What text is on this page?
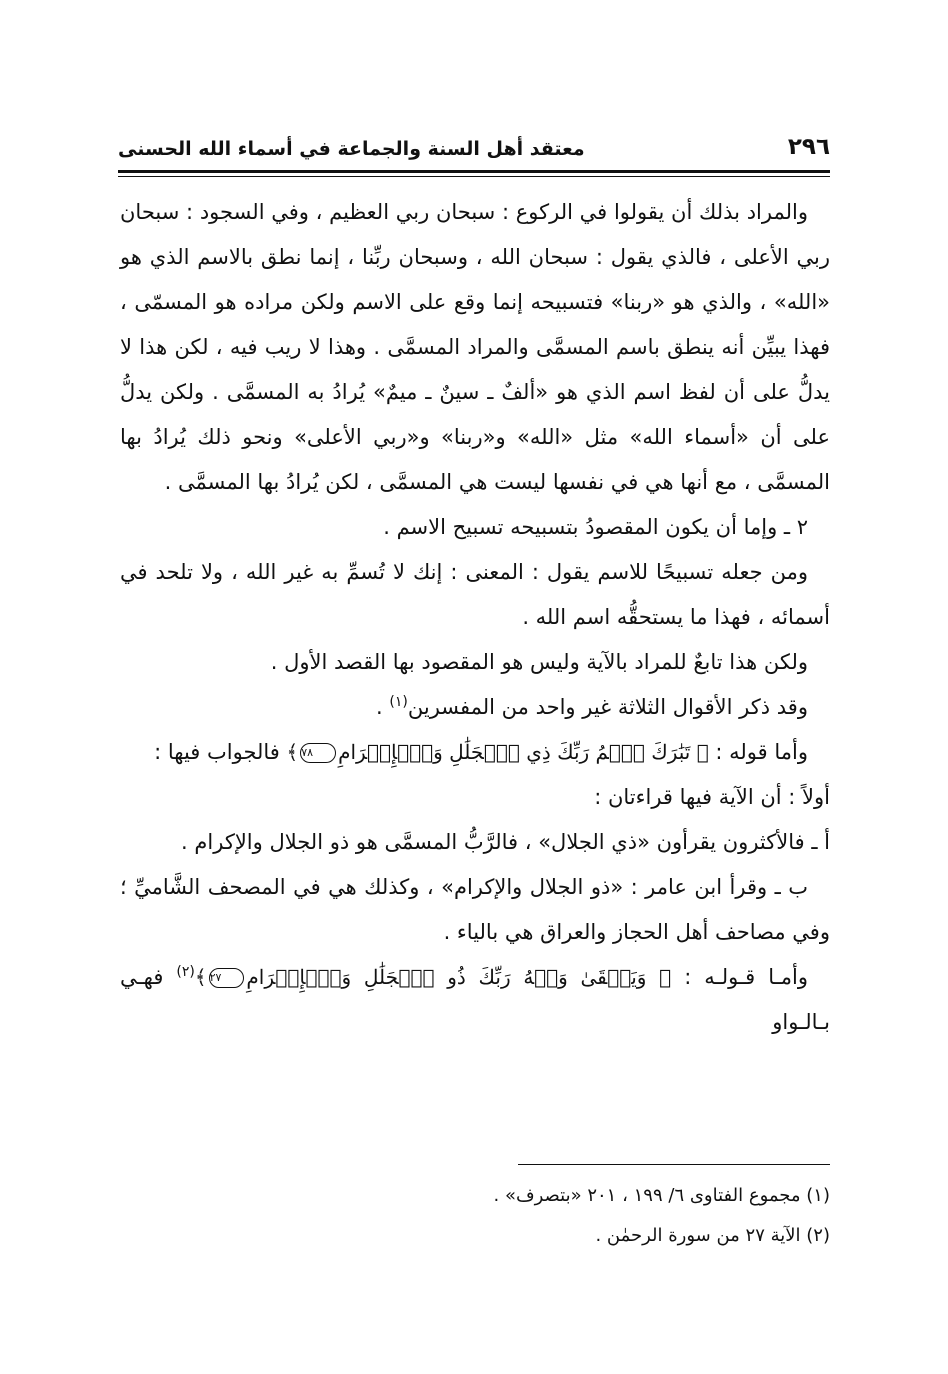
٢٩٦
معتقد أهل السنة والجماعة في أسماء الله الحسنى

والمراد بذلك أن يقولوا في الركوع : سبحان ربي العظيم ، وفي السجود : سبحان ربي الأعلى ، فالذي يقول : سبحان الله ، وسبحان ربِّنا ، إنما نطق بالاسم الذي هو «الله» ، والذي هو «ربنا» فتسبيحه إنما وقع على الاسم ولكن مراده هو المسمّى ، فهذا يبيِّن أنه ينطق باسم المسمَّى والمراد المسمَّى . وهذا لا ريب فيه ، لكن هذا لا يدلُّ على أن لفظ اسم الذي هو «ألفٌ ـ سينٌ ـ ميمٌ» يُرادُ به المسمَّى . ولكن يدلُّ على أن «أسماء الله» مثل «الله» و«ربنا» و«ربي الأعلى» ونحو ذلك يُرادُ بها المسمَّى ، مع أنها هي في نفسها ليست هي المسمَّى ، لكن يُرادُ بها المسمَّى .

٢ ـ وإما أن يكون المقصودُ بتسبيحه تسبيح الاسم .

ومن جعله تسبيحًا للاسم يقول : المعنى : إنك لا تُسمِّ به غير الله ، ولا تلحد في أسمائه ، فهذا ما يستحقُّه اسم الله .

ولكن هذا تابعٌ للمراد بالآية وليس هو المقصود بها القصد الأول .

وقد ذكر الأقوال الثلاثة غير واحد من المفسرين$^{(١)}$ .

وأما قوله : ﴿ تَبَٰرَكَ ٱسۡمُ رَبِّكَ ذِي ٱلۡجَلَٰلِ وَٱلۡإِكۡرَامِ٧٨﴾ فالجواب فيها :

أولاً : أن الآية فيها قراءتان :

أ ـ فالأكثرون يقرأون «ذي الجلال» ، فالرَّبُّ المسمَّى هو ذو الجلال والإكرام .

ب ـ وقرأ ابن عامر : «ذو الجلال والإكرام» ، وكذلك هي في المصحف الشَّاميِّ ؛ وفي مصاحف أهل الحجاز والعراق هي بالياء .

وأمـا قـولـه : ﴿ وَيَبۡقَىٰ وَجۡهُ رَبِّكَ ذُو ٱلۡجَلَٰلِ وَٱلۡإِكۡرَامِ٢٧﴾$^{(٢)}$ فهـي بـالـواو

(١) مجموع الفتاوى ٦/ ١٩٩ ، ٢٠١ «بتصرف» .

(٢) الآية ٢٧ من سورة الرحمٰن .
